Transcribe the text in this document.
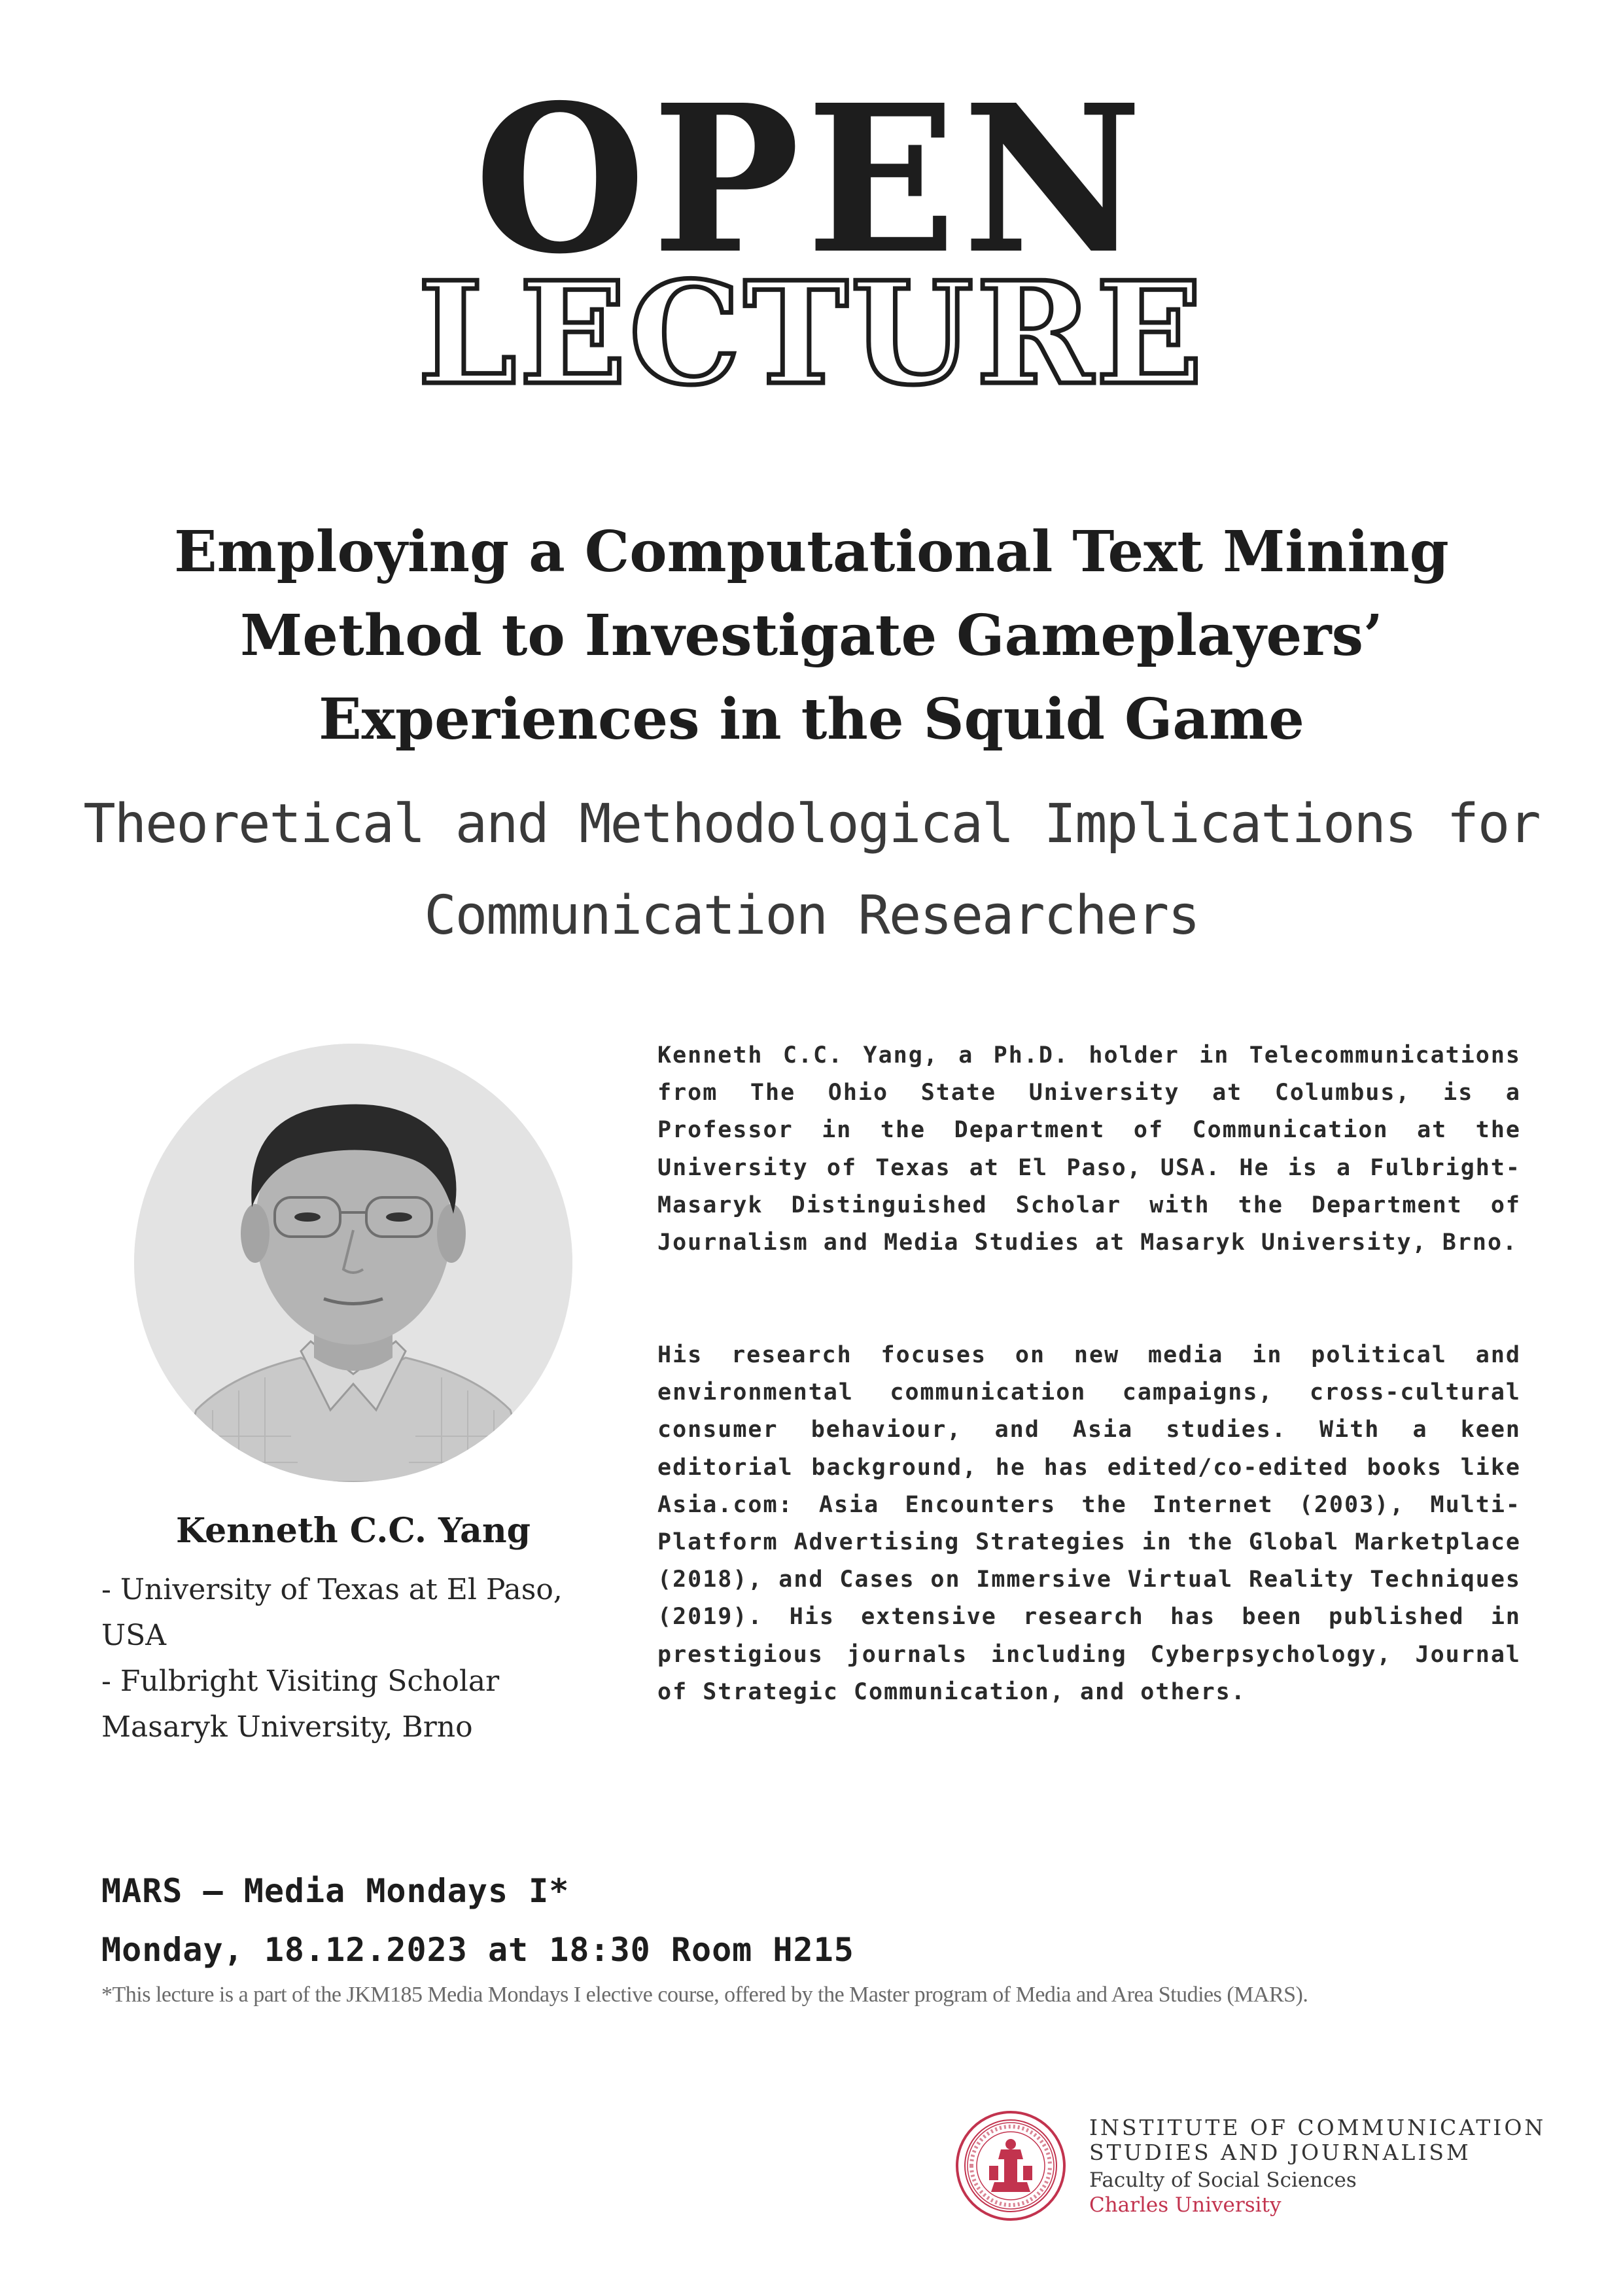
OPEN
LECTURE
Employing a Computational Text Mining
Method to Investigate Gameplayers’
Experiences in the Squid Game
Theoretical and Methodological Implications for
Communication Researchers
Kenneth C.C. Yang
- University of Texas at El Paso, USA
- Fulbright Visiting Scholar Masaryk University, Brno
Kenneth C.C. Yang, a Ph.D. holder in Telecommunications from The Ohio State University at Columbus, is a Professor in the Department of Communication at the University of Texas at El Paso, USA. He is a Fulbright-Masaryk Distinguished Scholar with the Department of Journalism and Media Studies at Masaryk University, Brno.
His research focuses on new media in political and environmental communication campaigns, cross-cultural consumer behaviour, and Asia studies. With a keen editorial background, he has edited/co-edited books like Asia.com: Asia Encounters the Internet (2003), Multi-Platform Advertising Strategies in the Global Marketplace (2018), and Cases on Immersive Virtual Reality Techniques (2019). His extensive research has been published in prestigious journals including Cyberpsychology, Journal of Strategic Communication, and others.
MARS — Media Mondays I*
Monday, 18.12.2023 at 18:30 Room H215
*This lecture is a part of the JKM185 Media Mondays I elective course, offered by the Master program of Media and Area Studies (MARS).
INSTITUTE OF COMMUNICATION
STUDIES AND JOURNALISM
Faculty of Social Sciences
Charles University
